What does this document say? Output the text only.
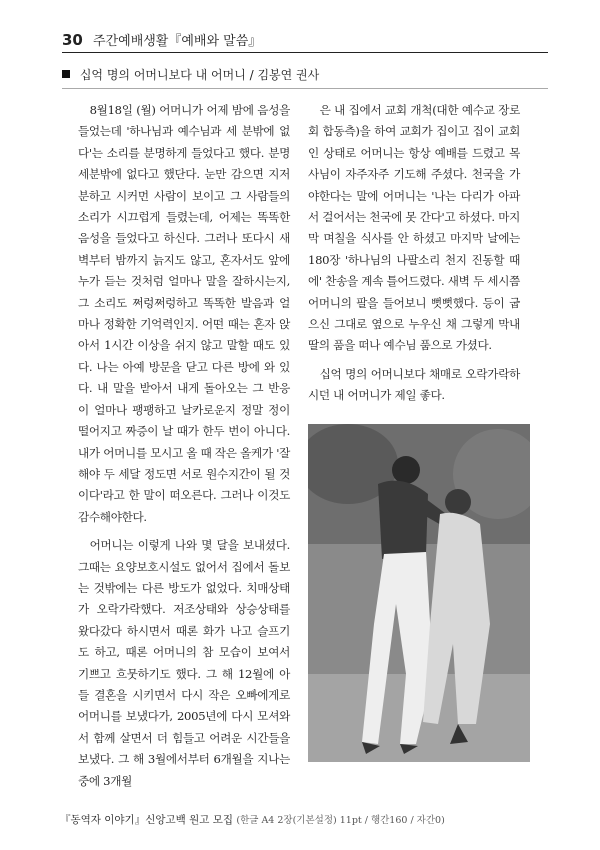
30 주간예배생활『예배와 말씀』
십억 명의 어머니보다 내 어머니 / 김봉연 권사

8월18일 (월) 어머니가 어제 밤에 음성을 들었는데 '하나님과 예수님과 세 분밖에 없다'는 소리를 분명하게 들었다고 했다. 분명 세분밖에 없다고 했단다. 눈만 감으면 지저분하고 시커먼 사람이 보이고 그 사람들의 소리가 시끄럽게 들렸는데, 어제는 똑똑한 음성을 들었다고 하신다. 그러나 또다시 새벽부터 밤까지 늙지도 않고, 혼자서도 앞에 누가 듣는 것처럼 얼마나 말을 잘하시는지, 그 소리도 쩌렁쩌렁하고 똑똑한 발음과 얼마나 정확한 기억력인지. 어떤 때는 혼자 앉아서 1시간 이상을 쉬지 않고 말할 때도 있다. 나는 아예 방문을 닫고 다른 방에 와 있다. 내 말을 받아서 내게 돌아오는 그 반응이 얼마나 팽팽하고 날카로운지 정말 정이 떨어지고 짜증이 날 때가 한두 번이 아니다. 내가 어머니를 모시고 올 때 작은 올케가 '잘해야 두 세달 정도면 서로 원수지간이 될 것이다'라고 한 말이 떠오른다. 그러나 이것도 감수해야한다.

어머니는 이렇게 나와 몇 달을 보내셨다. 그때는 요양보호시설도 없어서 집에서 돌보는 것밖에는 다른 방도가 없었다. 치매상태가 오락가락했다. 저조상태와 상승상태를 왔다갔다 하시면서 때론 화가 나고 슬프기도 하고, 때론 어머니의 참 모습이 보여서 기쁘고 흐뭇하기도 했다. 그 해 12월에 아들 결혼을 시키면서 다시 작은 오빠에게로 어머니를 보냈다가, 2005년에 다시 모셔와서 함께 살면서 더 힘들고 어려운 시간들을 보냈다. 그 해 3월에서부터 6개월을 지나는 중에 3개월

은 내 집에서 교회 개척(대한 예수교 장로회 합동측)을 하여 교회가 집이고 집이 교회인 상태로 어머니는 항상 예배를 드렸고 목사님이 자주자주 기도해 주셨다. 천국을 가야한다는 말에 어머니는 '나는 다리가 아파서 걸어서는 천국에 못 간다'고 하셨다. 마지막 며칠을 식사를 안 하셨고 마지막 날에는 180장 '하나님의 나팔소리 천지 진동할 때에' 찬송을 계속 틀어드렸다. 새벽 두 세시쯤 어머니의 팔을 들어보니 뻣뻣했다. 등이 굽으신 그대로 옆으로 누우신 채 그렇게 막내 딸의 품을 떠나 예수님 품으로 가셨다.

십억 명의 어머니보다 채매로 오락가락하시던 내 어머니가 제일 좋다.

『동역자 이야기』신앙고백 원고 모집 (한글 A4 2장(기본설정) 11pt / 행간160 / 자간0)
